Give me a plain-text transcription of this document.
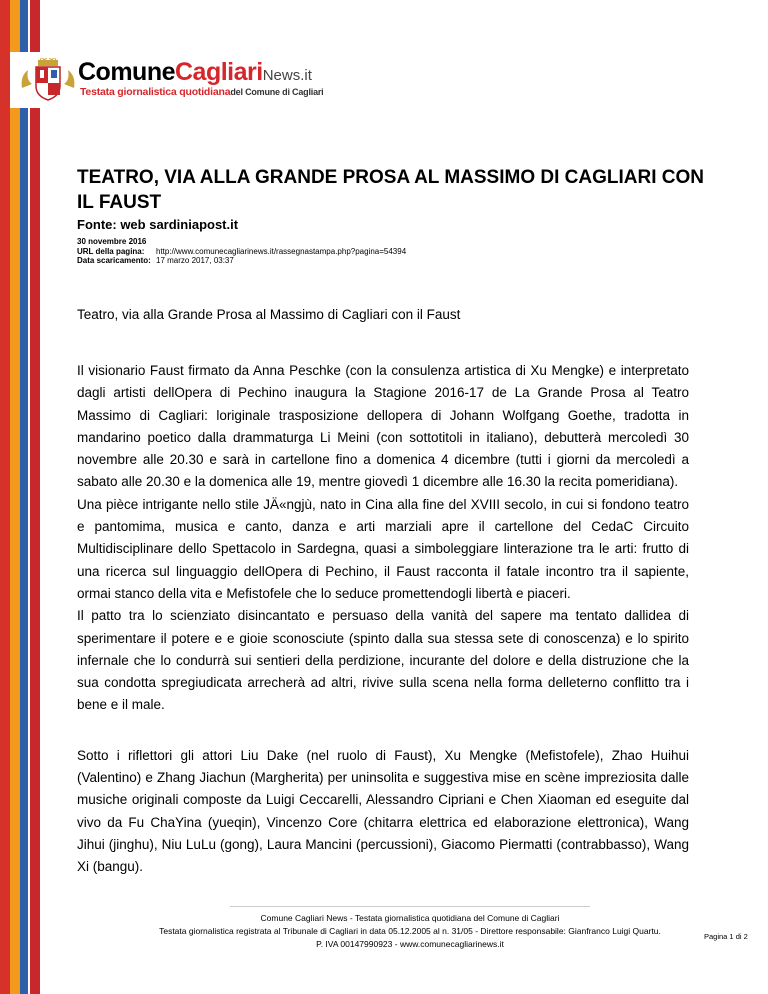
ComuneCagliariNews.it
Testata giornalistica quotidianadel Comune di Cagliari
TEATRO, VIA ALLA GRANDE PROSA AL MASSIMO DI CAGLIARI CON IL FAUST
Fonte: web sardiniapost.it
30 novembre 2016
URL della pagina: http://www.comunecagliarinews.it/rassegnastampa.php?pagina=54394
Data scaricamento: 17 marzo 2017, 03:37
Teatro, via alla Grande Prosa al Massimo di Cagliari con il Faust

Il visionario Faust firmato da Anna Peschke (con la consulenza artistica di Xu Mengke) e interpretato dagli artisti dellOpera di Pechino inaugura la Stagione 2016-17 de La Grande Prosa al Teatro Massimo di Cagliari: loriginale trasposizione dellopera di Johann Wolfgang Goethe, tradotta in mandarino poetico dalla drammaturga Li Meini (con sottotitoli in italiano), debutterà mercoledì 30 novembre alle 20.30 e sarà in cartellone fino a domenica 4 dicembre (tutti i giorni da mercoledì a sabato alle 20.30 e la domenica alle 19, mentre giovedì 1 dicembre alle 16.30 la recita pomeridiana).

Una pièce intrigante nello stile JÄ«ngjù, nato in Cina alla fine del XVIII secolo, in cui si fondono teatro e pantomima, musica e canto, danza e arti marziali apre il cartellone del CedaC Circuito Multidisciplinare dello Spettacolo in Sardegna, quasi a simboleggiare linterazione tra le arti: frutto di una ricerca sul linguaggio dellOpera di Pechino, il Faust racconta il fatale incontro tra il sapiente, ormai stanco della vita e Mefistofele che lo seduce promettendogli libertà e piaceri.

Il patto tra lo scienziato disincantato e persuaso della vanità del sapere ma tentato dallidea di sperimentare il potere e e gioie sconosciute (spinto dalla sua stessa sete di conoscenza) e lo spirito infernale che lo condurrà sui sentieri della perdizione, incurante del dolore e della distruzione che la sua condotta spregiudicata arrecherà ad altri, rivive sulla scena nella forma delleterno conflitto tra i bene e il male.

Sotto i riflettori gli attori Liu Dake (nel ruolo di Faust), Xu Mengke (Mefistofele), Zhao Huihui (Valentino) e Zhang Jiachun (Margherita) per uninsolita e suggestiva mise en scène impreziosita dalle musiche originali composte da Luigi Ceccarelli, Alessandro Cipriani e Chen Xiaoman ed eseguite dal vivo da Fu ChaYina (yueqin), Vincenzo Core (chitarra elettrica ed elaborazione elettronica), Wang Jihui (jinghu), Niu LuLu (gong), Laura Mancini (percussioni), Giacomo Piermatti (contrabbasso), Wang Xi (bangu).

Comune Cagliari News - Testata giornalistica quotidiana del Comune di Cagliari
Testata giornalistica registrata al Tribunale di Cagliari in data 05.12.2005 al n. 31/05 - Direttore responsabile: Gianfranco Luigi Quartu.
P. IVA 00147990923 - www.comunecagliarinews.it
Pagina 1 di 2
